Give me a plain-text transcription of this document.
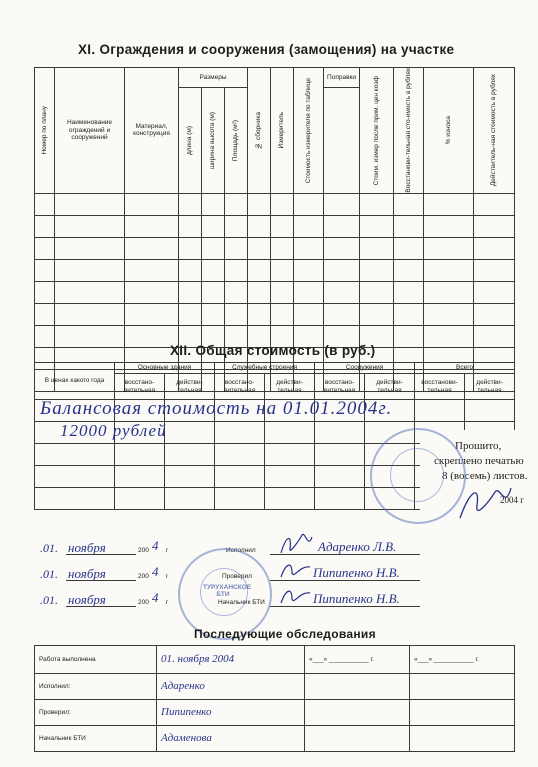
XI. Ограждения и сооружения (замощения) на участке
Номер по плану	Наименование ограждений и сооружений	Материал, конструкция	Размеры			№ сборника	Измеритель	Стоимость измерителя по таблице	Поправки	Стоим. измер после прим. цен коэф	Восстанови-тельная сто-имость в рублях	% износа	Действитель-ная стоимость в рублях

			длина (м)	ширина высота (м)	Площадь (м²)								

XII. Общая стоимость (в руб.)
В ценах какого года	Основные здания		Служебные строения		Сооружения		Всего	
	восстано-вительная	действи-тельная	восстано-вительная	действи-тельная	восстано-вительная	действи-тельная	восстанови-тельная	действи-тельная

Балансовая стоимость на 01.01.2004г.
12000 рублей
Прошито,
скреплено печатью
8 (восемь) листов.
2004 г
.01. ноября	200 4 г	Исполнил	Адаренко Л.В.
.01. ноября	200 4 г	Проверил	Пипипенко Н.В.
.01. ноября	200 4 г	Начальник БТИ	Пипипенко Н.В.
ТУРУХАНСКОЕ БТИ
Последующие обследования
Работа выполнена	01. ноября 2004	«___» ___________ г.	«___» ___________ г.
Исполнил:	Адаренко		
Проверил:	Пипипенко		
Начальник БТИ	Адаменова		
